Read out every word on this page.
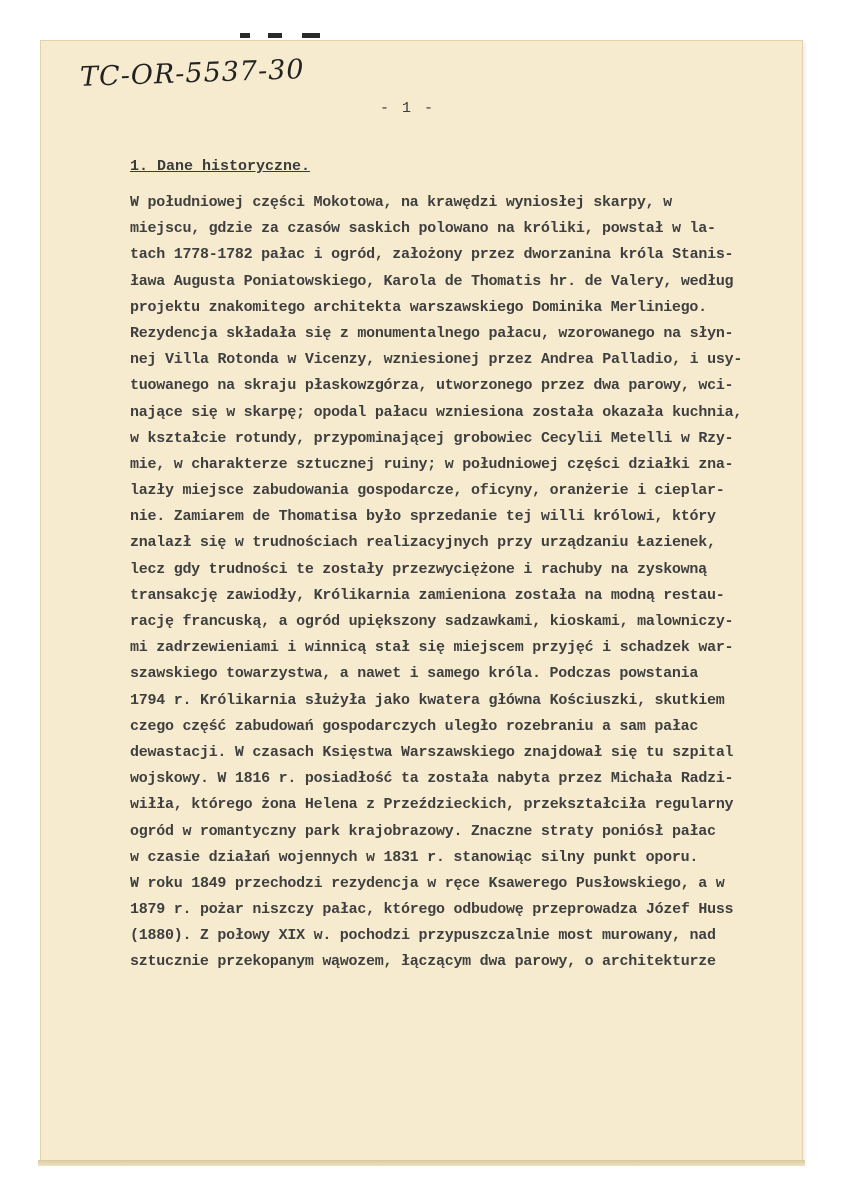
TC-OR-5537-30
- 1 -
1. Dane historyczne.
W południowej części Mokotowa, na krawędzi wyniosłej skarpy, w
miejscu, gdzie za czasów saskich polowano na króliki, powstał w la-
tach 1778-1782 pałac i ogród, założony przez dworzanina króla Stanis-
ława Augusta Poniatowskiego, Karola de Thomatis hr. de Valery, według
projektu znakomitego architekta warszawskiego Dominika Merliniego.
Rezydencja składała się z monumentalnego pałacu, wzorowanego na słyn-
nej Villa Rotonda w Vicenzy, wzniesionej przez Andrea Palladio, i usy-
tuowanego na skraju płaskowzgórza, utworzonego przez dwa parowy, wci-
nające się w skarpę; opodal pałacu wzniesiona została okazała kuchnia,
w kształcie rotundy, przypominającej grobowiec Cecylii Metelli w Rzy-
mie, w charakterze sztucznej ruiny; w południowej części działki zna-
lazły miejsce zabudowania gospodarcze, oficyny, oranżerie i cieplar-
nie. Zamiarem de Thomatisa było sprzedanie tej willi królowi, który
znalazł się w trudnościach realizacyjnych przy urządzaniu Łazienek,
lecz gdy trudności te zostały przezwyciężone i rachuby na zyskowną
transakcję zawiodły, Królikarnia zamieniona została na modną restau-
rację francuską, a ogród upiększony sadzawkami, kioskami, malowniczy-
mi zadrzewieniami i winnicą stał się miejscem przyjęć i schadzek war-
szawskiego towarzystwa, a nawet i samego króla. Podczas powstania
1794 r. Królikarnia służyła jako kwatera główna Kościuszki, skutkiem
czego część zabudowań gospodarczych uległo rozebraniu a sam pałac
dewastacji. W czasach Księstwa Warszawskiego znajdował się tu szpital
wojskowy. W 1816 r. posiadłość ta została nabyta przez Michała Radzi-
wiłła, którego żona Helena z Przeździeckich, przekształciła regularny
ogród w romantyczny park krajobrazowy. Znaczne straty poniósł pałac
w czasie działań wojennych w 1831 r. stanowiąc silny punkt oporu.
W roku 1849 przechodzi rezydencja w ręce Ksawerego Pusłowskiego, a w
1879 r. pożar niszczy pałac, którego odbudowę przeprowadza Józef Huss
(1880). Z połowy XIX w. pochodzi przypuszczalnie most murowany, nad
sztucznie przekopanym wąwozem, łączącym dwa parowy, o architekturze
